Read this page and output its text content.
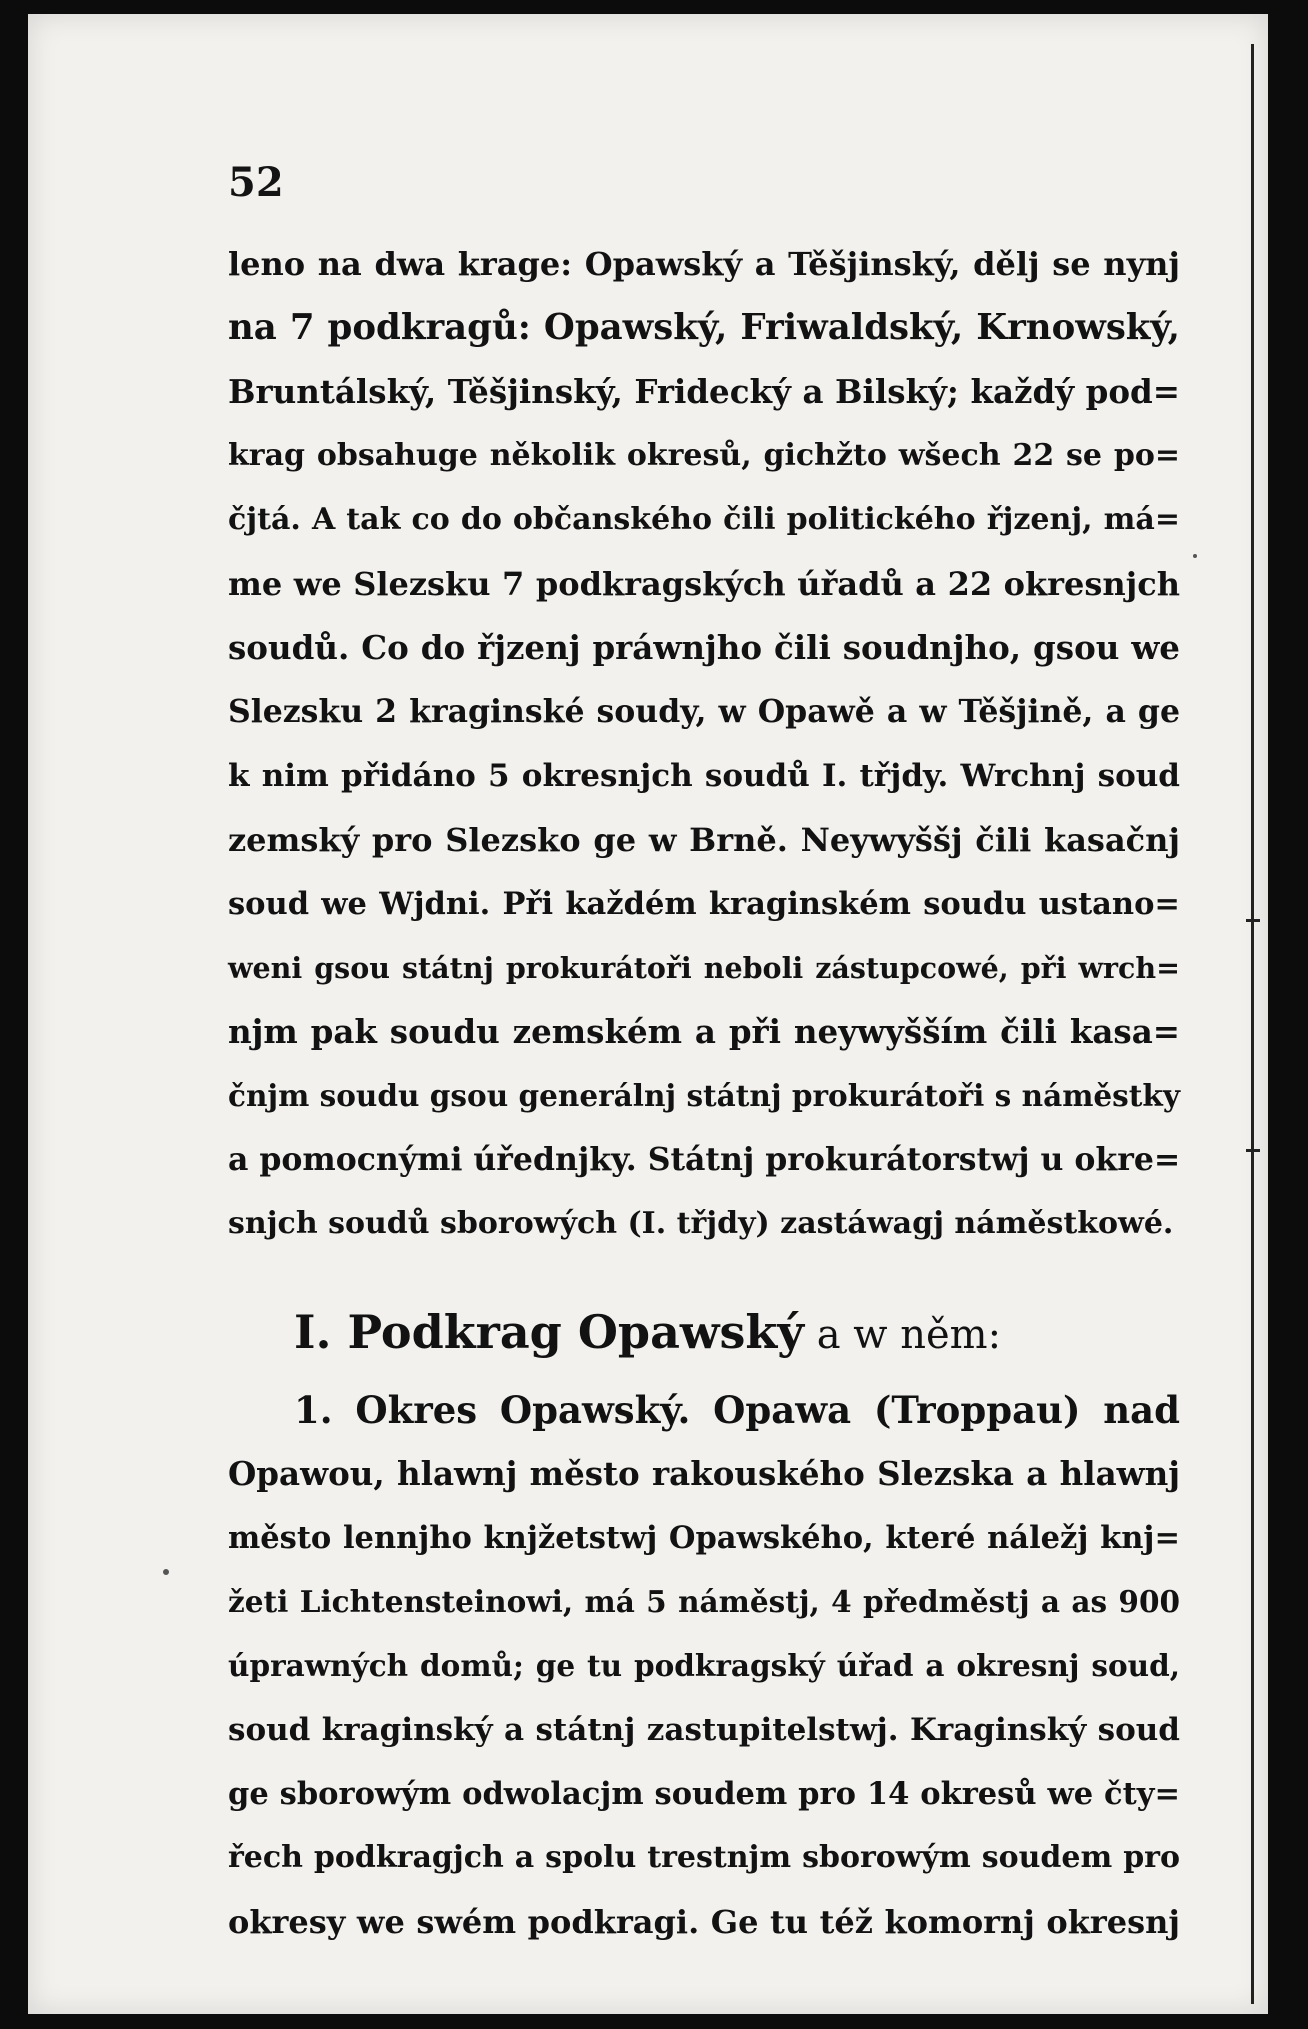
52
leno na dwa krage: Opawský a Těšjinský, dělj se nynj
na 7 podkragů: Opawský, Friwaldský, Krnowský,
Bruntálský, Těšjinský, Fridecký a Bilský; každý pod=
krag obsahuge několik okresů, gichžto wšech 22 se po=
čjtá. A tak co do občanského čili politického řjzenj, má=
me we Slezsku 7 podkragských úřadů a 22 okresnjch
soudů. Co do řjzenj práwnjho čili soudnjho, gsou we
Slezsku 2 kraginské soudy, w Opawě a w Těšjině, a ge
k nim přidáno 5 okresnjch soudů I. třjdy. Wrchnj soud
zemský pro Slezsko ge w Brně. Neywyššj čili kasačnj
soud we Wjdni. Při každém kraginském soudu ustano=
weni gsou státnj prokurátoři neboli zástupcowé, při wrch=
njm pak soudu zemském a při neywyšším čili kasa=
čnjm soudu gsou generálnj státnj prokurátoři s náměstky
a pomocnými úřednjky. Státnj prokurátorstwj u okre=
snjch soudů sborowých (I. třjdy) zastáwagj náměstkowé.
I. Podkrag Opawský a w něm:
1. Okres Opawský. Opawa (Troppau) nad
Opawou, hlawnj město rakouského Slezska a hlawnj
město lennjho knjžetstwj Opawského, které náležj knj=
žeti Lichtensteinowi, má 5 náměstj, 4 předměstj a as 900
úprawných domů; ge tu podkragský úřad a okresnj soud,
soud kraginský a státnj zastupitelstwj. Kraginský soud
ge sborowým odwolacjm soudem pro 14 okresů we čty=
řech podkragjch a spolu trestnjm sborowým soudem pro
okresy we swém podkragi. Ge tu též komornj okresnj
